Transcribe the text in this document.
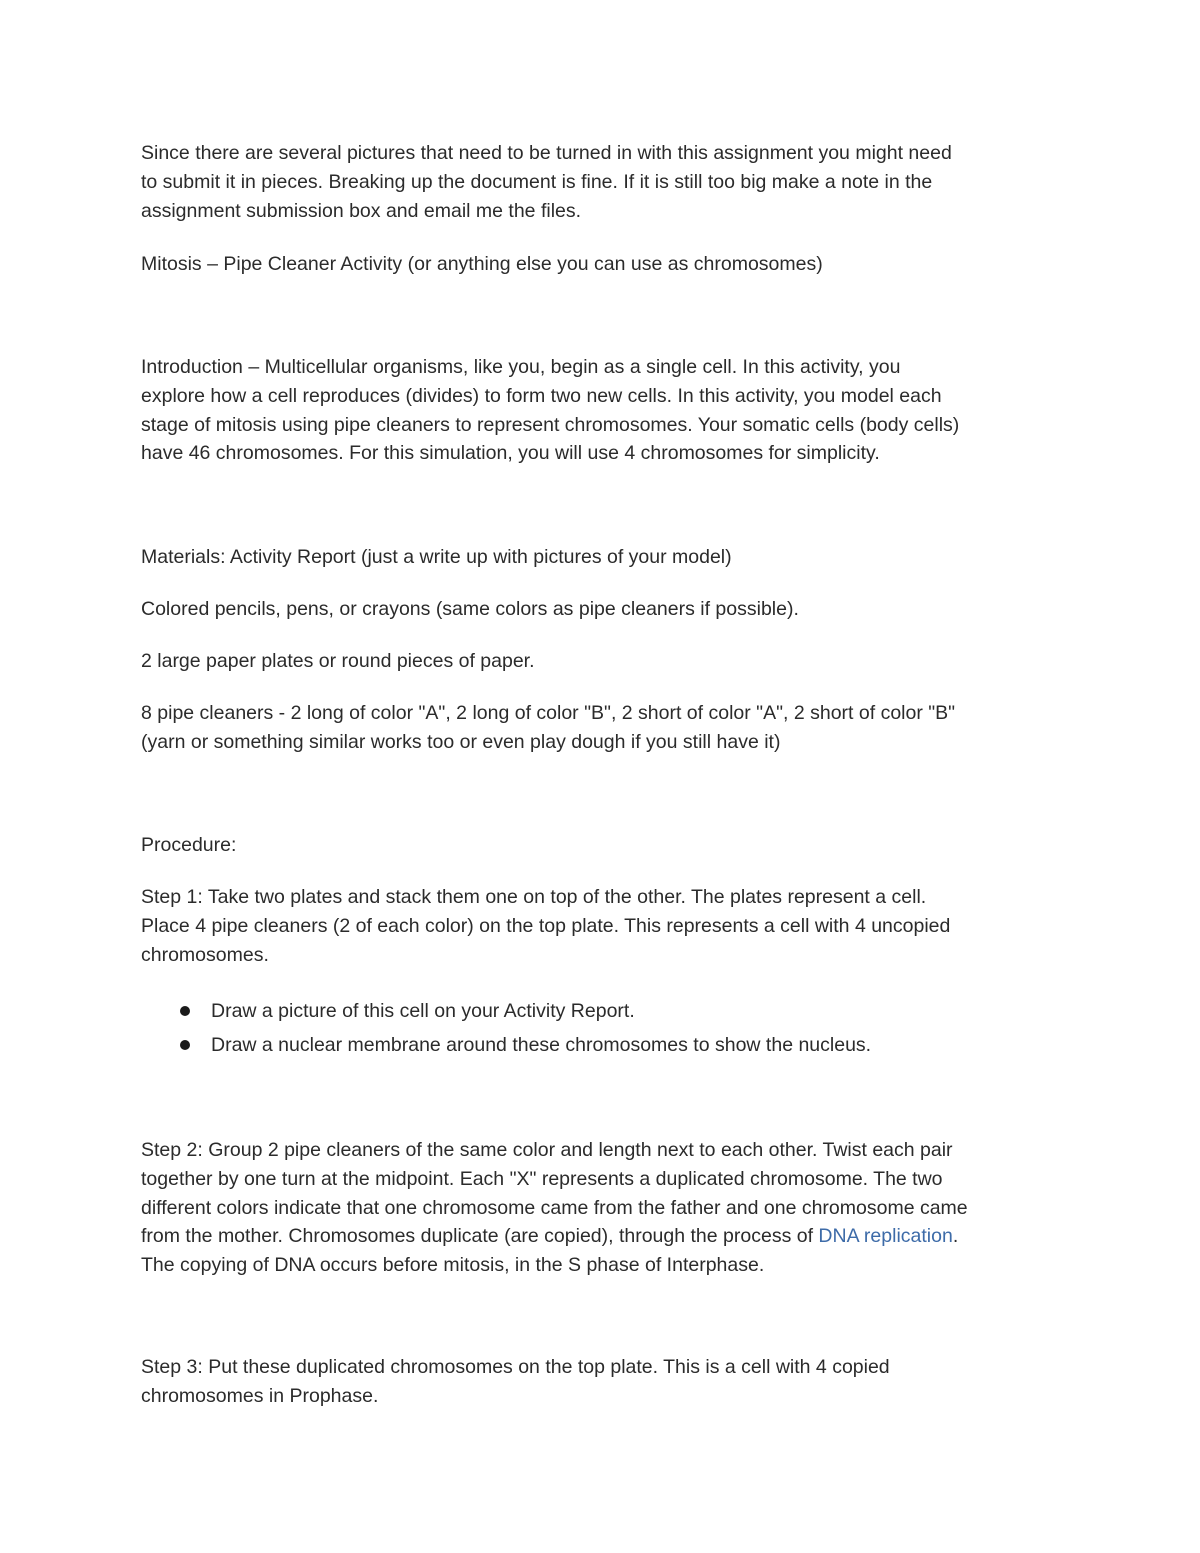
Since there are several pictures that need to be turned in with this assignment you might need
to submit it in pieces. Breaking up the document is fine. If it is still too big make a note in the
assignment submission box and email me the files.

Mitosis – Pipe Cleaner Activity (or anything else you can use as chromosomes)

Introduction – Multicellular organisms, like you, begin as a single cell. In this activity, you
explore how a cell reproduces (divides) to form two new cells. In this activity, you model each
stage of mitosis using pipe cleaners to represent chromosomes. Your somatic cells (body cells)
have 46 chromosomes. For this simulation, you will use 4 chromosomes for simplicity.

Materials: Activity Report (just a write up with pictures of your model)

Colored pencils, pens, or crayons (same colors as pipe cleaners if possible).

2 large paper plates or round pieces of paper.

8 pipe cleaners - 2 long of color "A", 2 long of color "B", 2 short of color "A", 2 short of color "B"
(yarn or something similar works too or even play dough if you still have it)

Procedure:

Step 1: Take two plates and stack them one on top of the other. The plates represent a cell.
Place 4 pipe cleaners (2 of each color) on the top plate. This represents a cell with 4 uncopied
chromosomes.

Draw a picture of this cell on your Activity Report.
Draw a nuclear membrane around these chromosomes to show the nucleus.

Step 2: Group 2 pipe cleaners of the same color and length next to each other. Twist each pair
together by one turn at the midpoint. Each "X" represents a duplicated chromosome. The two
different colors indicate that one chromosome came from the father and one chromosome came
from the mother. Chromosomes duplicate (are copied), through the process of DNA replication.
The copying of DNA occurs before mitosis, in the S phase of Interphase.

Step 3: Put these duplicated chromosomes on the top plate. This is a cell with 4 copied
chromosomes in Prophase.
